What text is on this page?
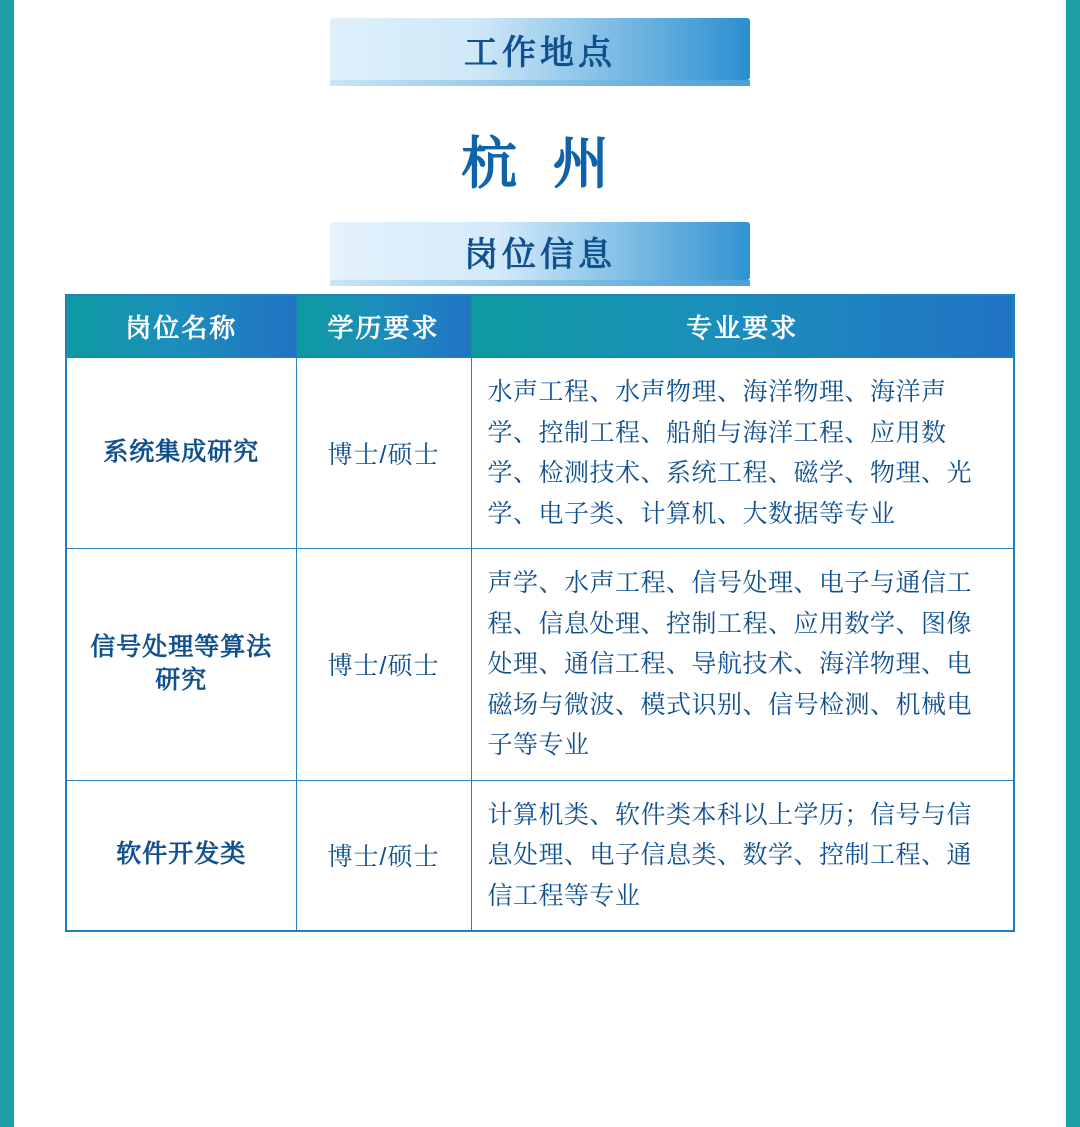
工作地点
杭 州
岗位信息
岗位名称	学历要求	专业要求
系统集成研究	博士/硕士	水声工程、水声物理、海洋物理、海洋声学、控制工程、船舶与海洋工程、应用数学、检测技术、系统工程、磁学、物理、光学、电子类、计算机、大数据等专业
信号处理等算法研究	博士/硕士	声学、水声工程、信号处理、电子与通信工程、信息处理、控制工程、应用数学、图像处理、通信工程、导航技术、海洋物理、电磁场与微波、模式识别、信号检测、机械电子等专业
软件开发类	博士/硕士	计算机类、软件类本科以上学历；信号与信息处理、电子信息类、数学、控制工程、通信工程等专业
